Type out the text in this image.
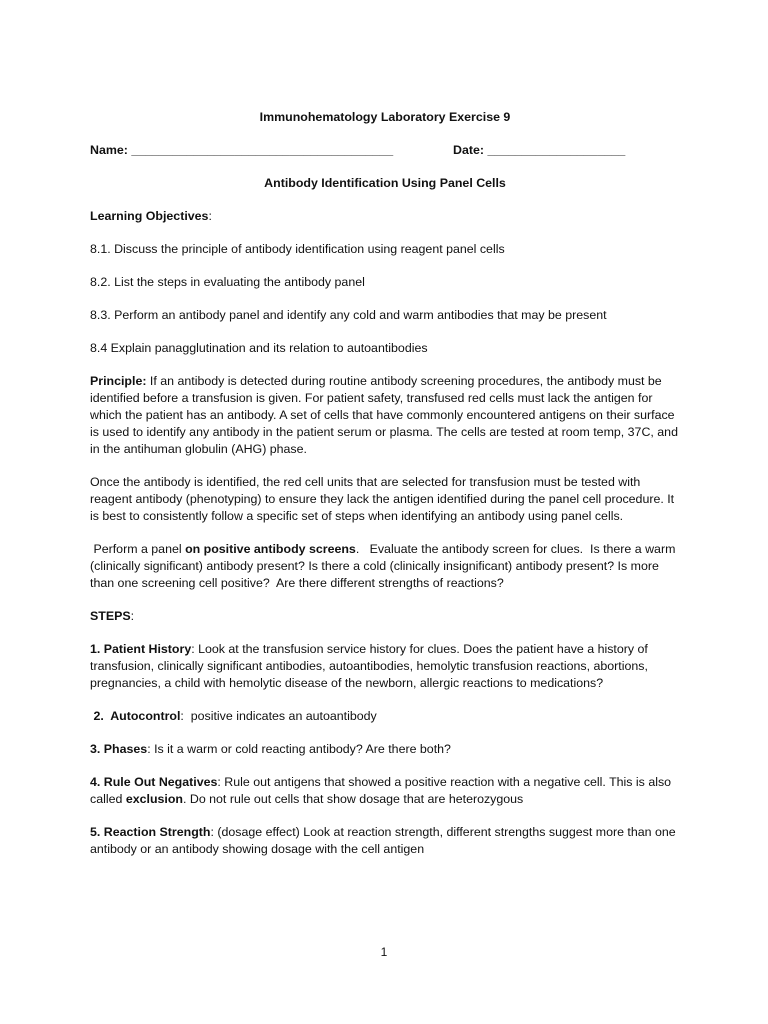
Immunohematology Laboratory Exercise 9

Name: ______________________________________	Date: ____________________

Antibody Identification Using Panel Cells

Learning Objectives:

8.1. Discuss the principle of antibody identification using reagent panel cells

8.2. List the steps in evaluating the antibody panel

8.3. Perform an antibody panel and identify any cold and warm antibodies that may be present

8.4 Explain panagglutination and its relation to autoantibodies

Principle: If an antibody is detected during routine antibody screening procedures, the antibody must be identified before a transfusion is given. For patient safety, transfused red cells must lack the antigen for which the patient has an antibody. A set of cells that have commonly encountered antigens on their surface is used to identify any antibody in the patient serum or plasma. The cells are tested at room temp, 37C, and in the antihuman globulin (AHG) phase.

Once the antibody is identified, the red cell units that are selected for transfusion must be tested with reagent antibody (phenotyping) to ensure they lack the antigen identified during the panel cell procedure. It is best to consistently follow a specific set of steps when identifying an antibody using panel cells.

Perform a panel on positive antibody screens.   Evaluate the antibody screen for clues.  Is there a warm (clinically significant) antibody present? Is there a cold (clinically insignificant) antibody present? Is more than one screening cell positive?  Are there different strengths of reactions?

STEPS:

1. Patient History: Look at the transfusion service history for clues. Does the patient have a history of transfusion, clinically significant antibodies, autoantibodies, hemolytic transfusion reactions, abortions, pregnancies, a child with hemolytic disease of the newborn, allergic reactions to medications?

2.  Autocontrol:  positive indicates an autoantibody

3. Phases: Is it a warm or cold reacting antibody? Are there both?

4. Rule Out Negatives: Rule out antigens that showed a positive reaction with a negative cell. This is also called exclusion. Do not rule out cells that show dosage that are heterozygous

5. Reaction Strength: (dosage effect) Look at reaction strength, different strengths suggest more than one antibody or an antibody showing dosage with the cell antigen

1
